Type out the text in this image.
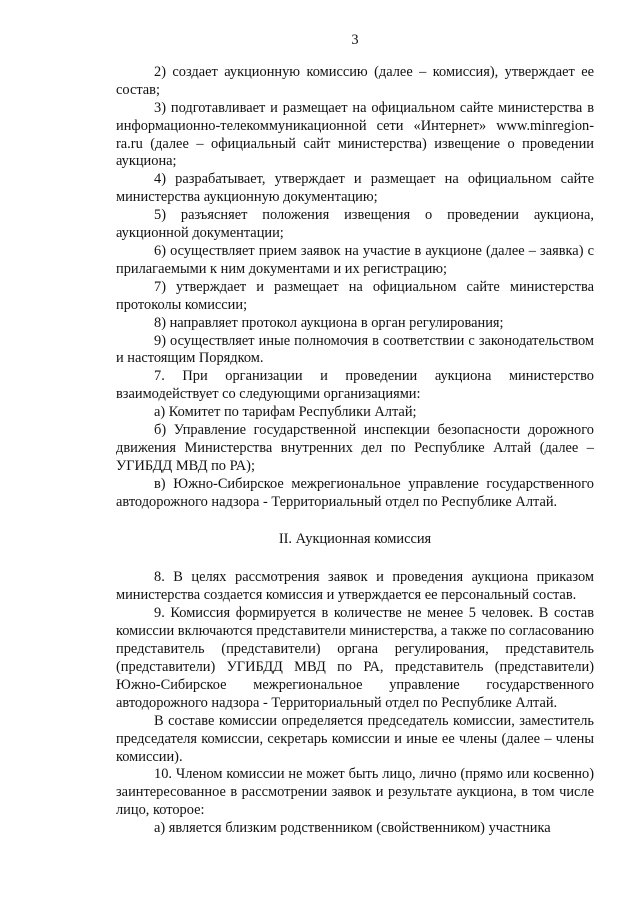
3

2) создает аукционную комиссию (далее – комиссия), утверждает ее состав;

3) подготавливает и размещает на официальном сайте министерства в информационно-телекоммуникационной сети «Интернет» www.minregion-ra.ru (далее – официальный сайт министерства) извещение о проведении аукциона;

4) разрабатывает, утверждает и размещает на официальном сайте министерства аукционную документацию;

5) разъясняет положения извещения о проведении аукциона, аукционной документации;

6) осуществляет прием заявок на участие в аукционе (далее – заявка) с прилагаемыми к ним документами и их регистрацию;

7) утверждает и размещает на официальном сайте министерства протоколы комиссии;

8) направляет протокол аукциона в орган регулирования;

9) осуществляет иные полномочия в соответствии с законодательством и настоящим Порядком.

7. При организации и проведении аукциона министерство взаимодействует со следующими организациями:

а) Комитет по тарифам Республики Алтай;

б) Управление государственной инспекции безопасности дорожного движения Министерства внутренних дел по Республике Алтай (далее – УГИБДД МВД по РА);

в) Южно-Сибирское межрегиональное управление государственного автодорожного надзора - Территориальный отдел по Республике Алтай.

II. Аукционная комиссия

8. В целях рассмотрения заявок и проведения аукциона приказом министерства создается комиссия и утверждается ее персональный состав.

9. Комиссия формируется в количестве не менее 5 человек. В состав комиссии включаются представители министерства, а также по согласованию представитель (представители) органа регулирования, представитель (представители) УГИБДД МВД по РА, представитель (представители) Южно-Сибирское межрегиональное управление государственного автодорожного надзора - Территориальный отдел по Республике Алтай.

В составе комиссии определяется председатель комиссии, заместитель председателя комиссии, секретарь комиссии и иные ее члены (далее – члены комиссии).

10. Членом комиссии не может быть лицо, лично (прямо или косвенно) заинтересованное в рассмотрении заявок и результате аукциона, в том числе лицо, которое:

а) является близким родственником (свойственником) участника
